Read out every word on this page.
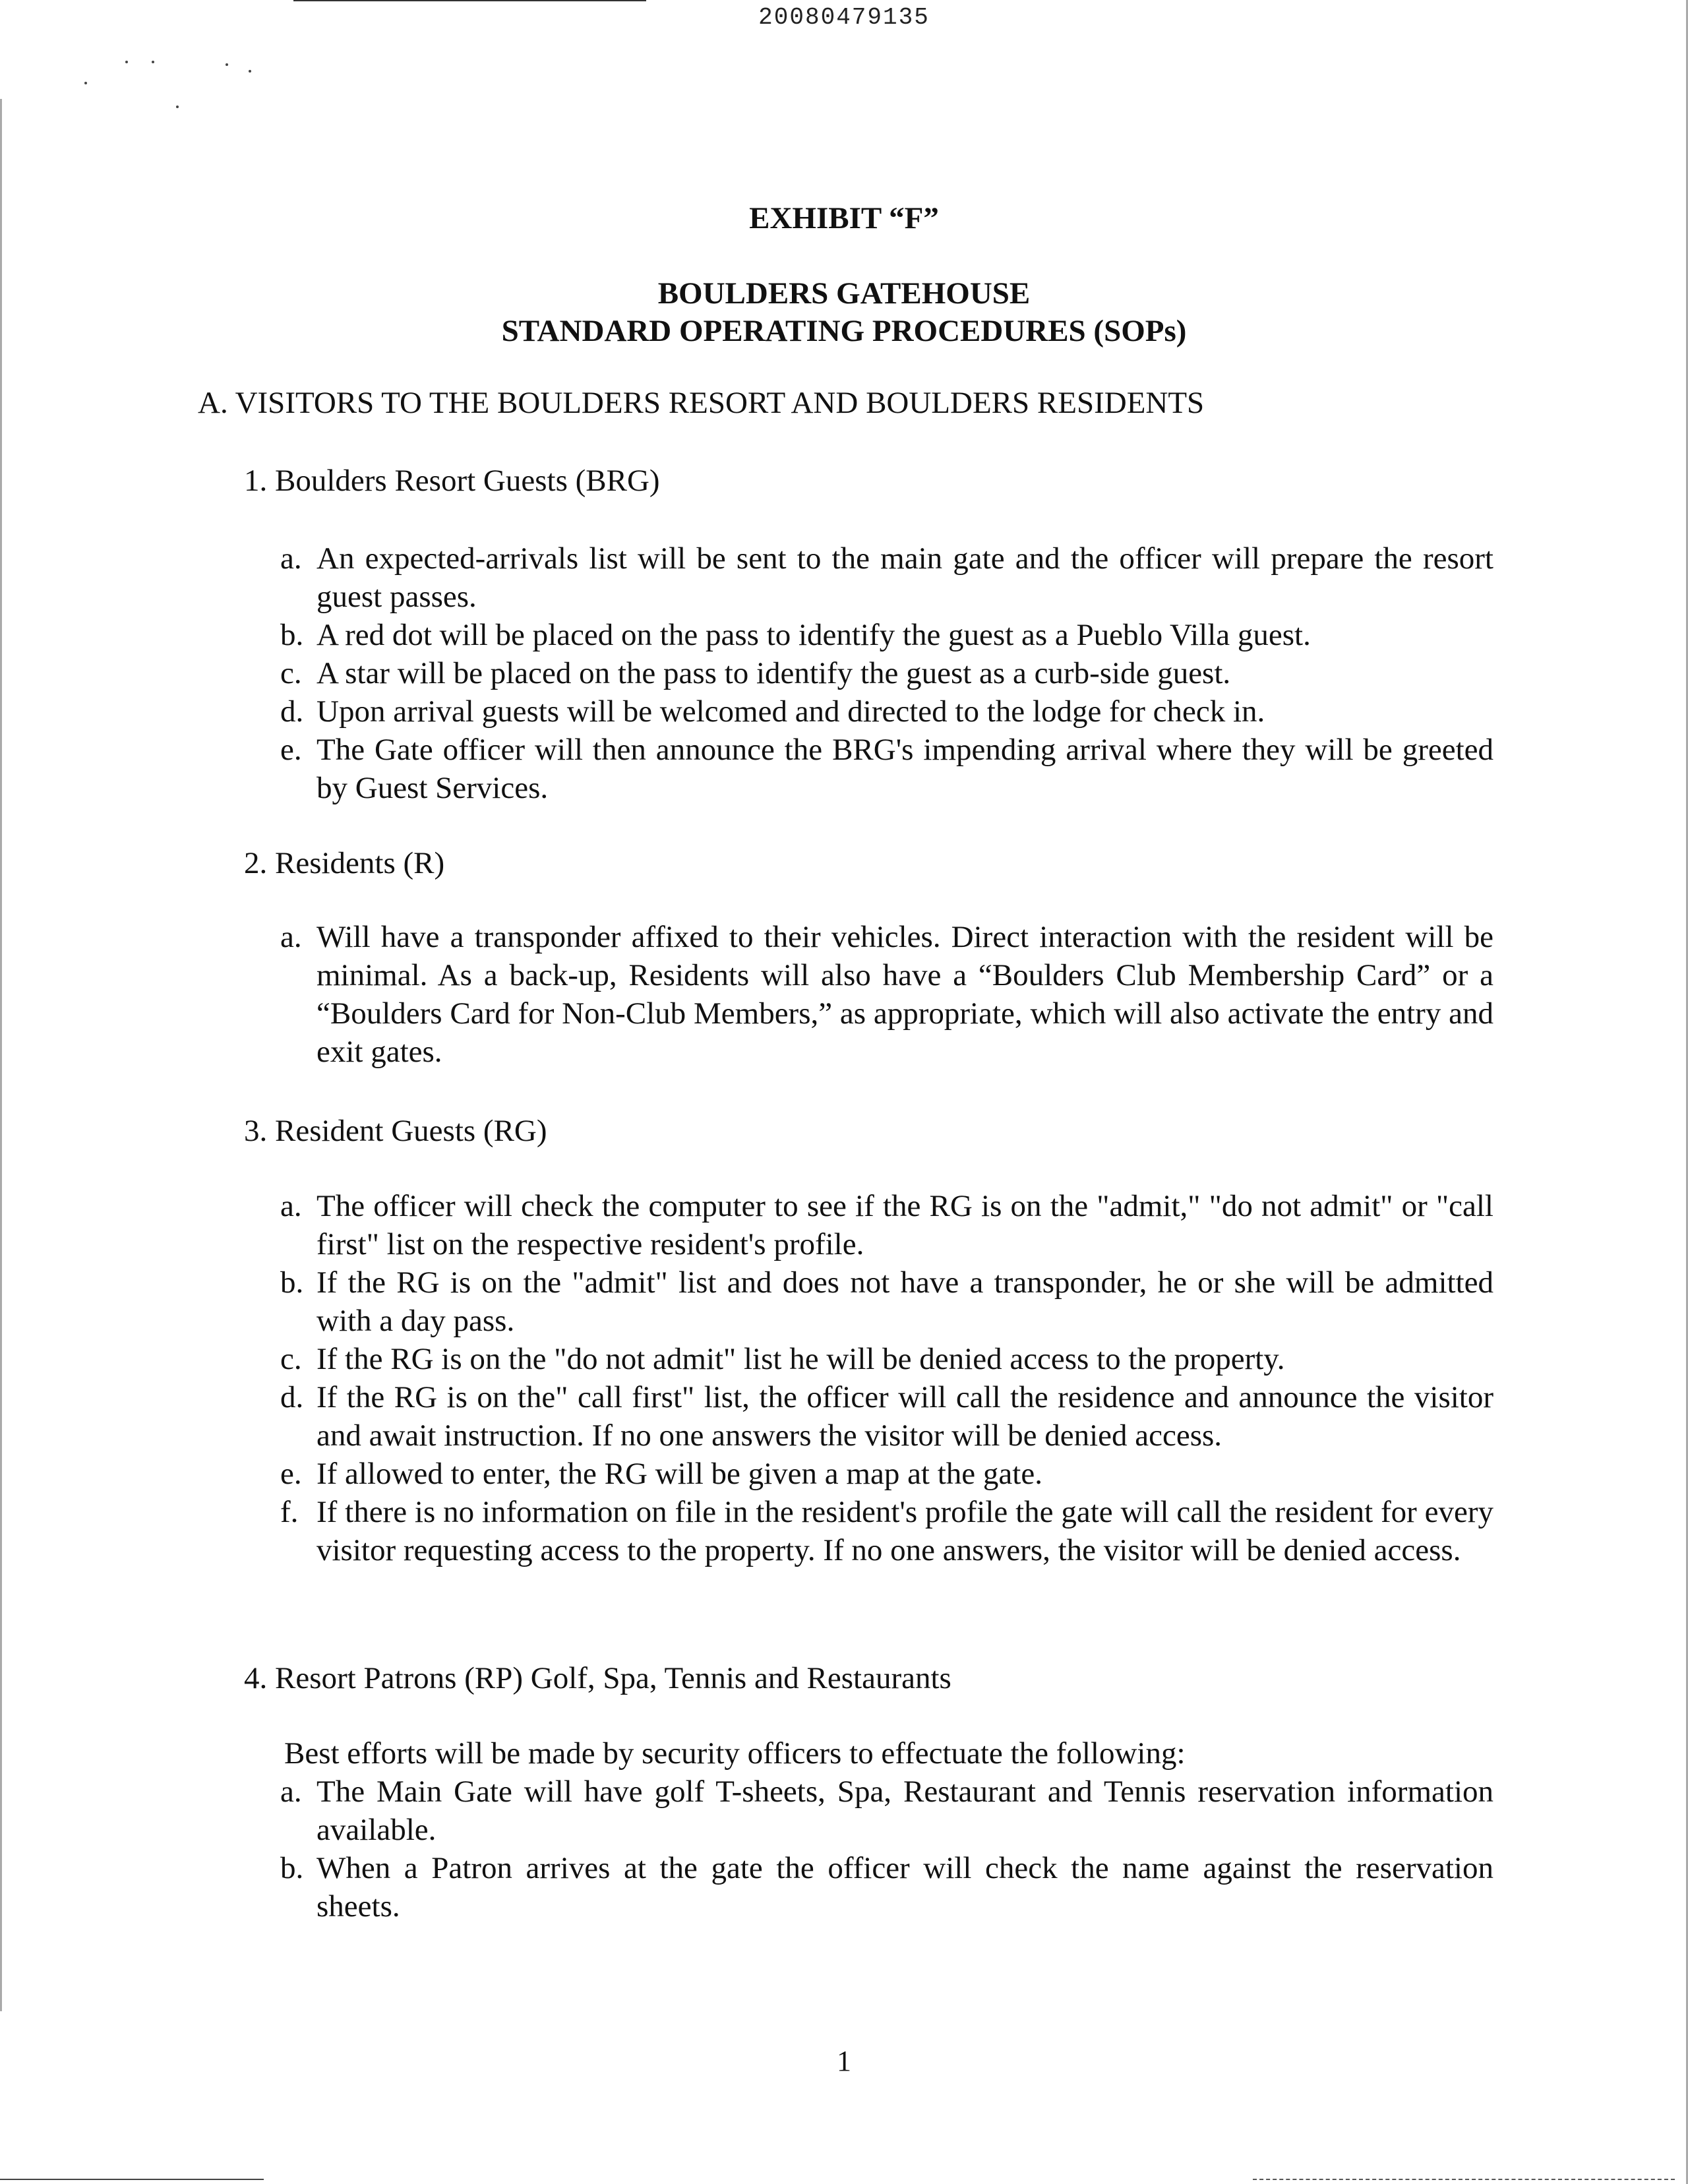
20080479135
EXHIBIT “F”
BOULDERS GATEHOUSE
STANDARD OPERATING PROCEDURES (SOPs)
A. VISITORS TO THE BOULDERS RESORT AND BOULDERS RESIDENTS
1. Boulders Resort Guests (BRG)
a. An expected-arrivals list will be sent to the main gate and the officer will prepare the resort guest passes.
b. A red dot will be placed on the pass to identify the guest as a Pueblo Villa guest.
c. A star will be placed on the pass to identify the guest as a curb-side guest.
d. Upon arrival guests will be welcomed and directed to the lodge for check in.
e. The Gate officer will then announce the BRG's impending arrival where they will be greeted by Guest Services.
2. Residents (R)
a. Will have a transponder affixed to their vehicles. Direct interaction with the resident will be minimal. As a back-up, Residents will also have a “Boulders Club Membership Card” or a “Boulders Card for Non-Club Members,” as appropriate, which will also activate the entry and exit gates.
3. Resident Guests (RG)
a. The officer will check the computer to see if the RG is on the "admit," "do not admit" or "call first" list on the respective resident's profile.
b. If the RG is on the "admit" list and does not have a transponder, he or she will be admitted with a day pass.
c. If the RG is on the "do not admit" list he will be denied access to the property.
d. If the RG is on the" call first" list, the officer will call the residence and announce the visitor and await instruction. If no one answers the visitor will be denied access.
e. If allowed to enter, the RG will be given a map at the gate.
f. If there is no information on file in the resident's profile the gate will call the resident for every visitor requesting access to the property. If no one answers, the visitor will be denied access.
4. Resort Patrons (RP) Golf, Spa, Tennis and Restaurants
Best efforts will be made by security officers to effectuate the following:
a. The Main Gate will have golf T-sheets, Spa, Restaurant and Tennis reservation information available.
b. When a Patron arrives at the gate the officer will check the name against the reservation sheets.
1
